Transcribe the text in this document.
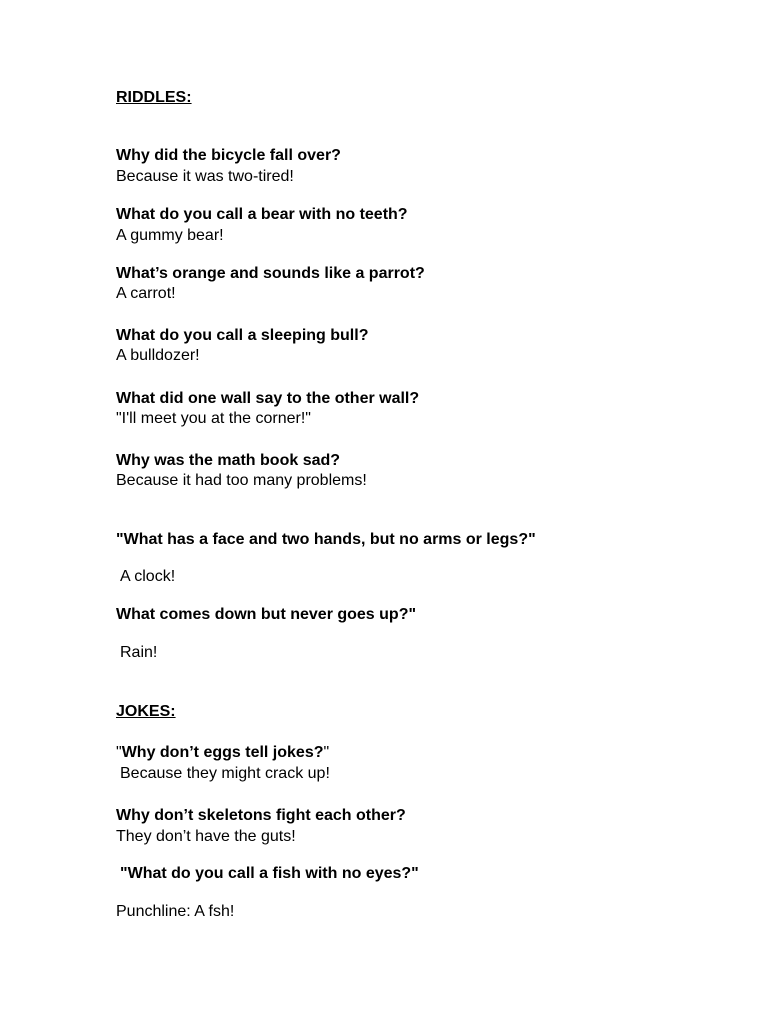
RIDDLES:
Why did the bicycle fall over?
Because it was two-tired!
What do you call a bear with no teeth?
A gummy bear!
What’s orange and sounds like a parrot?
A carrot!
What do you call a sleeping bull?
A bulldozer!
What did one wall say to the other wall?
"I'll meet you at the corner!"
Why was the math book sad?
Because it had too many problems!
"What has a face and two hands, but no arms or legs?"
A clock!
What comes down but never goes up?"
Rain!
JOKES:
"Why don’t eggs tell jokes?"
Because they might crack up!
Why don’t skeletons fight each other?
They don’t have the guts!
"What do you call a fish with no eyes?"
Punchline: A fsh!
